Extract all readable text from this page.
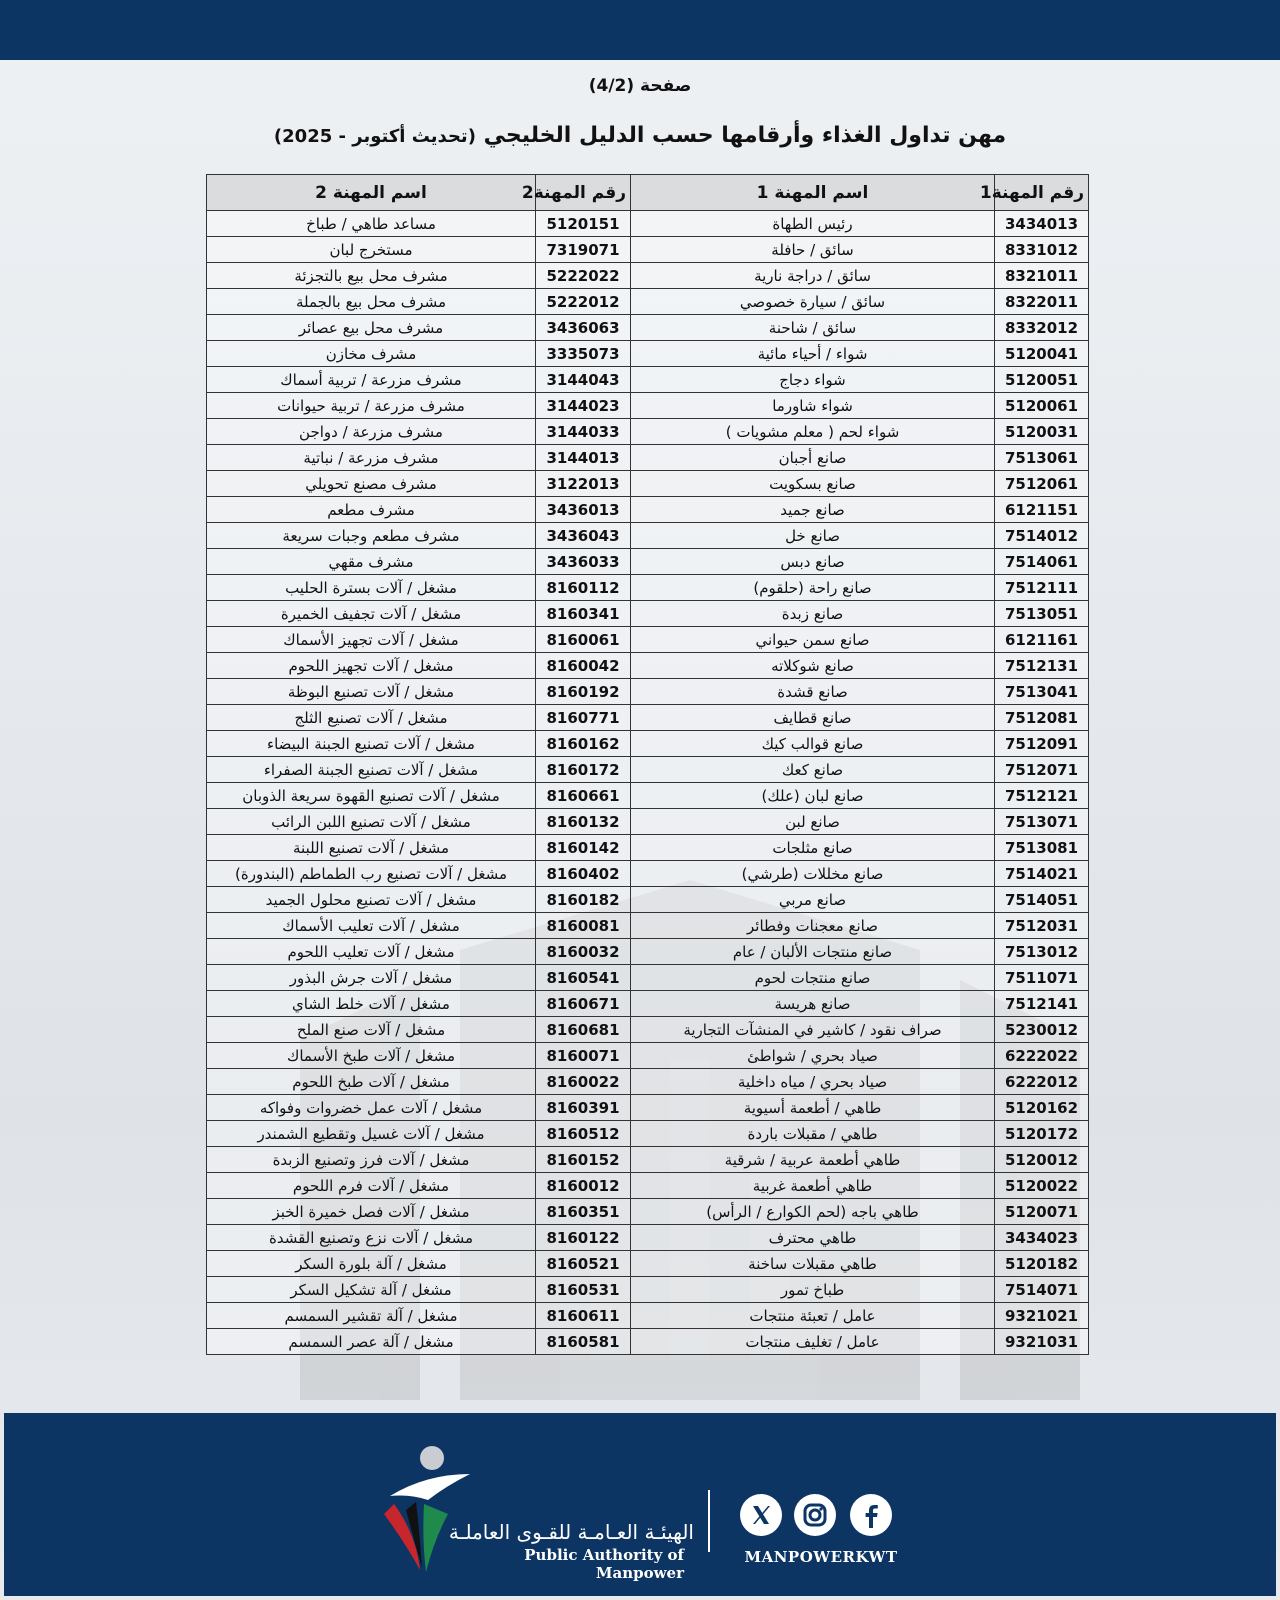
صفحة (4/2)
مهن تداول الغذاء وأرقامها حسب الدليل الخليجي (تحديث أكتوبر - 2025)
رقم المهنة1	اسم المهنة 1	رقم المهنة2	اسم المهنة 2
3434013	رئيس الطهاة	5120151	مساعد طاهي / طباخ
8331012	سائق / حافلة	7319071	مستخرج لبان
8321011	سائق / دراجة نارية	5222022	مشرف محل بيع بالتجزئة
8322011	سائق / سيارة خصوصي	5222012	مشرف محل بيع بالجملة
8332012	سائق / شاحنة	3436063	مشرف محل بيع عصائر
5120041	شواء / أحياء مائية	3335073	مشرف مخازن
5120051	شواء دجاج	3144043	مشرف مزرعة / تربية أسماك
5120061	شواء شاورما	3144023	مشرف مزرعة / تربية حيوانات
5120031	شواء لحم ( معلم مشويات )	3144033	مشرف مزرعة / دواجن
7513061	صانع أجبان	3144013	مشرف مزرعة / نباتية
7512061	صانع بسكويت	3122013	مشرف مصنع تحويلي
6121151	صانع جميد	3436013	مشرف مطعم
7514012	صانع خل	3436043	مشرف مطعم وجبات سريعة
7514061	صانع دبس	3436033	مشرف مقهي
7512111	صانع راحة (حلقوم)	8160112	مشغل / آلات بسترة الحليب
7513051	صانع زبدة	8160341	مشغل / آلات تجفيف الخميرة
6121161	صانع سمن حيواني	8160061	مشغل / آلات تجهيز الأسماك
7512131	صانع شوكلاته	8160042	مشغل / آلات تجهيز اللحوم
7513041	صانع قشدة	8160192	مشغل / آلات تصنيع البوظة
7512081	صانع قطايف	8160771	مشغل / آلات تصنيع الثلج
7512091	صانع قوالب كيك	8160162	مشغل / آلات تصنيع الجبنة البيضاء
7512071	صانع كعك	8160172	مشغل / آلات تصنيع الجبنة الصفراء
7512121	صانع لبان (علك)	8160661	مشغل / آلات تصنيع القهوة سريعة الذوبان
7513071	صانع لبن	8160132	مشغل / آلات تصنيع اللبن الرائب
7513081	صانع مثلجات	8160142	مشغل / آلات تصنيع اللبنة
7514021	صانع مخللات (طرشي)	8160402	مشغل / آلات تصنيع رب الطماطم (البندورة)
7514051	صانع مربي	8160182	مشغل / آلات تصنيع محلول الجميد
7512031	صانع معجنات وفطائر	8160081	مشغل / آلات تعليب الأسماك
7513012	صانع منتجات الألبان / عام	8160032	مشغل / آلات تعليب اللحوم
7511071	صانع منتجات لحوم	8160541	مشغل / آلات جرش البذور
7512141	صانع هريسة	8160671	مشغل / آلات خلط الشاي
5230012	صراف نقود / كاشير في المنشآت التجارية	8160681	مشغل / آلات صنع الملح
6222022	صياد بحري / شواطئ	8160071	مشغل / آلات طبخ الأسماك
6222012	صياد بحري / مياه داخلية	8160022	مشغل / آلات طبخ اللحوم
5120162	طاهي / أطعمة أسيوية	8160391	مشغل / آلات عمل خضروات وفواكه
5120172	طاهي / مقبلات باردة	8160512	مشغل / آلات غسيل وتقطيع الشمندر
5120012	طاهي أطعمة عربية / شرقية	8160152	مشغل / آلات فرز وتصنيع الزبدة
5120022	طاهي أطعمة غربية	8160012	مشغل / آلات فرم اللحوم
5120071	طاهي باجه (لحم الكوارع / الرأس)	8160351	مشغل / آلات فصل خميرة الخبز
3434023	طاهي محترف	8160122	مشغل / آلات نزع وتصنيع القشدة
5120182	طاهي مقبلات ساخنة	8160521	مشغل / آلة بلورة السكر
7514071	طباخ تمور	8160531	مشغل / آلة تشكيل السكر
9321021	عامل / تعبئة منتجات	8160611	مشغل / آلة تقشير السمسم
9321031	عامل / تغليف منتجات	8160581	مشغل / آلة عصر السمسم
الهيئـة العـامـة للقـوى العاملـة
Public Authority of Manpower
MANPOWERKWT
